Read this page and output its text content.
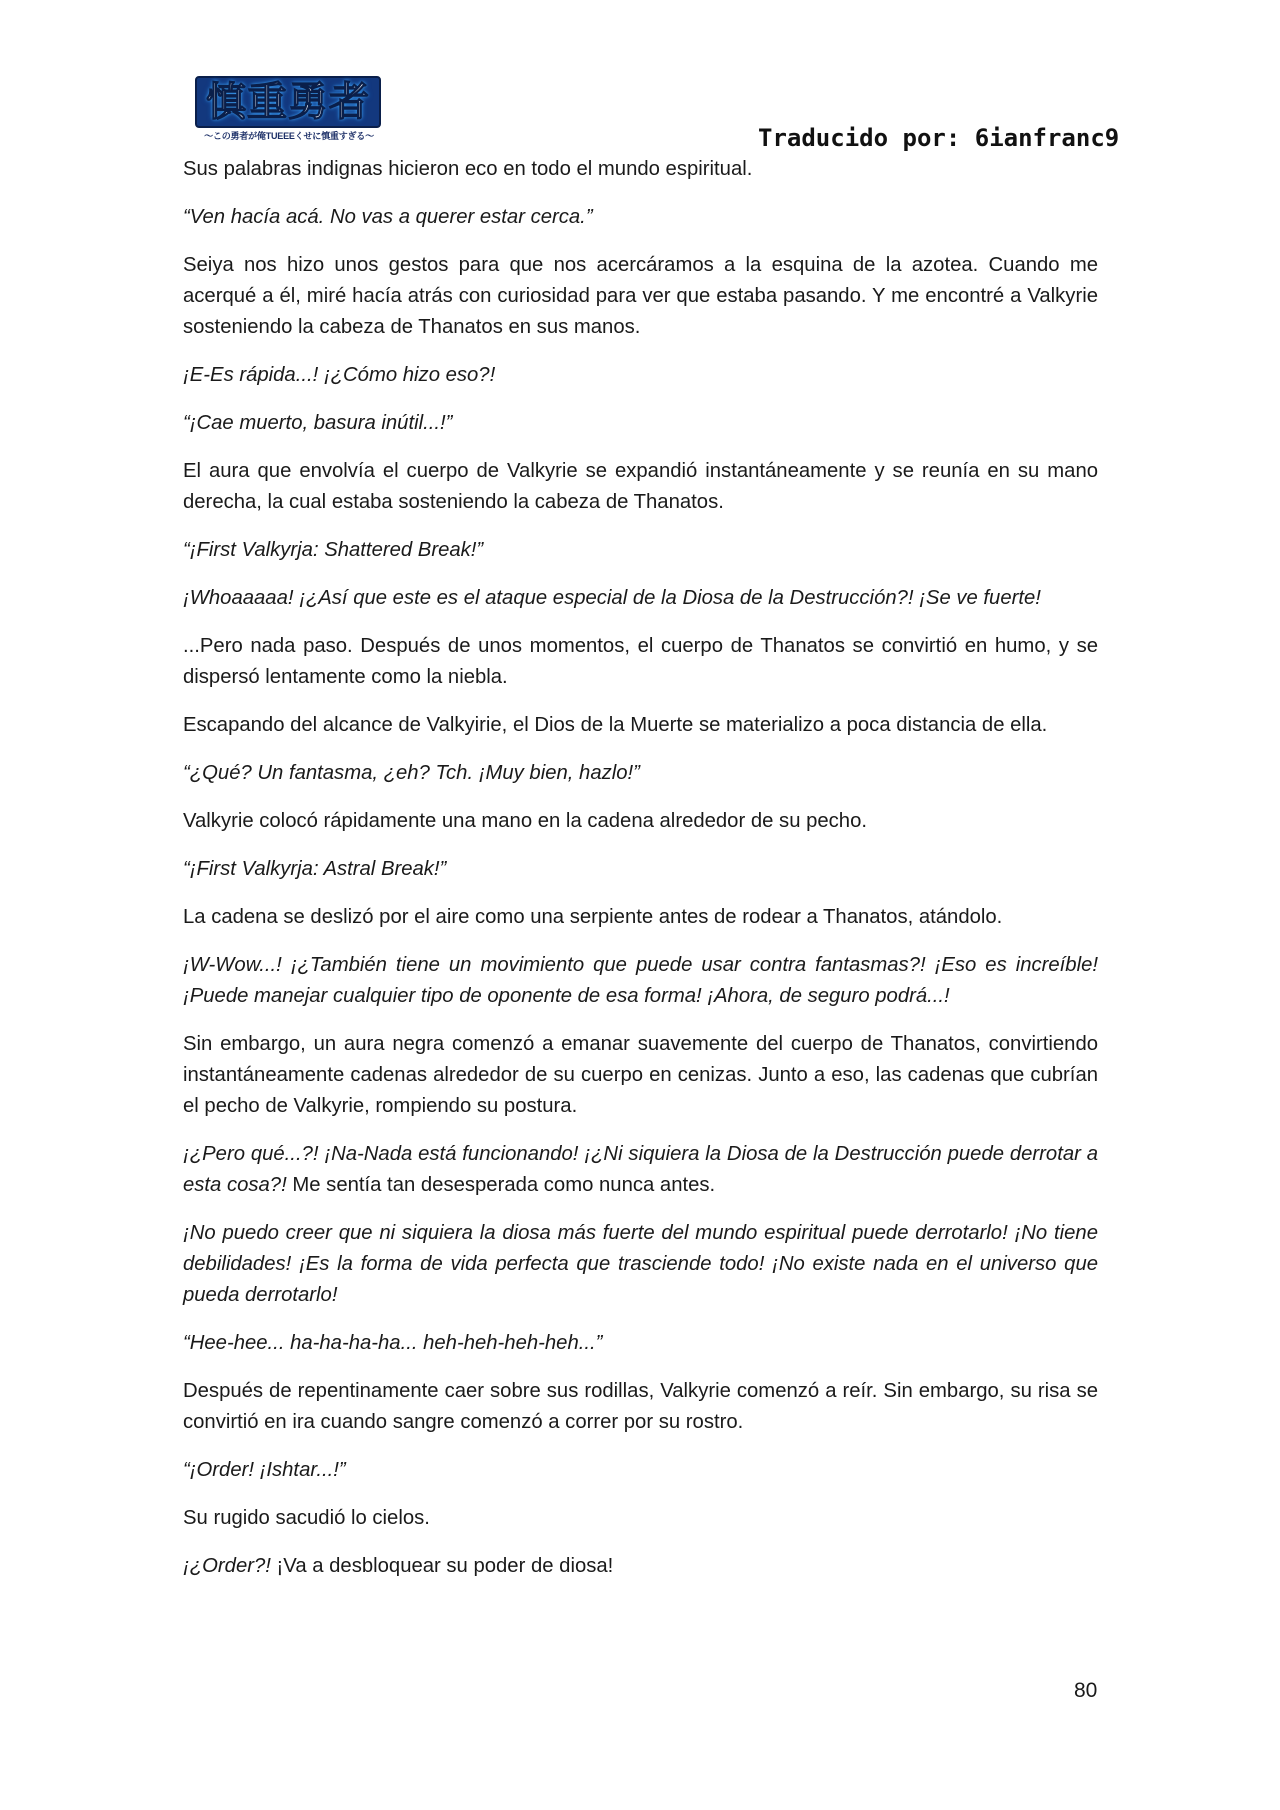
慎重勇者
〜この勇者が俺TUEEEくせに慎重すぎる〜	Traducido por: 6ianfranc9

Sus palabras indignas hicieron eco en todo el mundo espiritual.

“Ven hacía acá. No vas a querer estar cerca.”

Seiya nos hizo unos gestos para que nos acercáramos a la esquina de la azotea. Cuando me acerqué a él, miré hacía atrás con curiosidad para ver que estaba pasando. Y me encontré a Valkyrie sosteniendo la cabeza de Thanatos en sus manos.

¡E-Es rápida...! ¡¿Cómo hizo eso?!

“¡Cae muerto, basura inútil...!”

El aura que envolvía el cuerpo de Valkyrie se expandió instantáneamente y se reunía en su mano derecha, la cual estaba sosteniendo la cabeza de Thanatos.

“¡First Valkyrja: Shattered Break!”

¡Whoaaaaa! ¡¿Así que este es el ataque especial de la Diosa de la Destrucción?! ¡Se ve fuerte!

...Pero nada paso. Después de unos momentos, el cuerpo de Thanatos se convirtió en humo, y se dispersó lentamente como la niebla.

Escapando del alcance de Valkyirie, el Dios de la Muerte se materializo a poca distancia de ella.

“¿Qué? Un fantasma, ¿eh? Tch. ¡Muy bien, hazlo!”

Valkyrie colocó rápidamente una mano en la cadena alrededor de su pecho.

“¡First Valkyrja: Astral Break!”

La cadena se deslizó por el aire como una serpiente antes de rodear a Thanatos, atándolo.

¡W-Wow...! ¡¿También tiene un movimiento que puede usar contra fantasmas?! ¡Eso es increíble! ¡Puede manejar cualquier tipo de oponente de esa forma! ¡Ahora, de seguro podrá...!

Sin embargo, un aura negra comenzó a emanar suavemente del cuerpo de Thanatos, convirtiendo instantáneamente cadenas alrededor de su cuerpo en cenizas. Junto a eso, las cadenas que cubrían el pecho de Valkyrie, rompiendo su postura.

¡¿Pero qué...?! ¡Na-Nada está funcionando! ¡¿Ni siquiera la Diosa de la Destrucción puede derrotar a esta cosa?! Me sentía tan desesperada como nunca antes.

¡No puedo creer que ni siquiera la diosa más fuerte del mundo espiritual puede derrotarlo! ¡No tiene debilidades! ¡Es la forma de vida perfecta que trasciende todo! ¡No existe nada en el universo que pueda derrotarlo!

“Hee-hee... ha-ha-ha-ha... heh-heh-heh-heh...”

Después de repentinamente caer sobre sus rodillas, Valkyrie comenzó a reír. Sin embargo, su risa se convirtió en ira cuando sangre comenzó a correr por su rostro.

“¡Order! ¡Ishtar...!”

Su rugido sacudió lo cielos.

¡¿Order?! ¡Va a desbloquear su poder de diosa!

80
